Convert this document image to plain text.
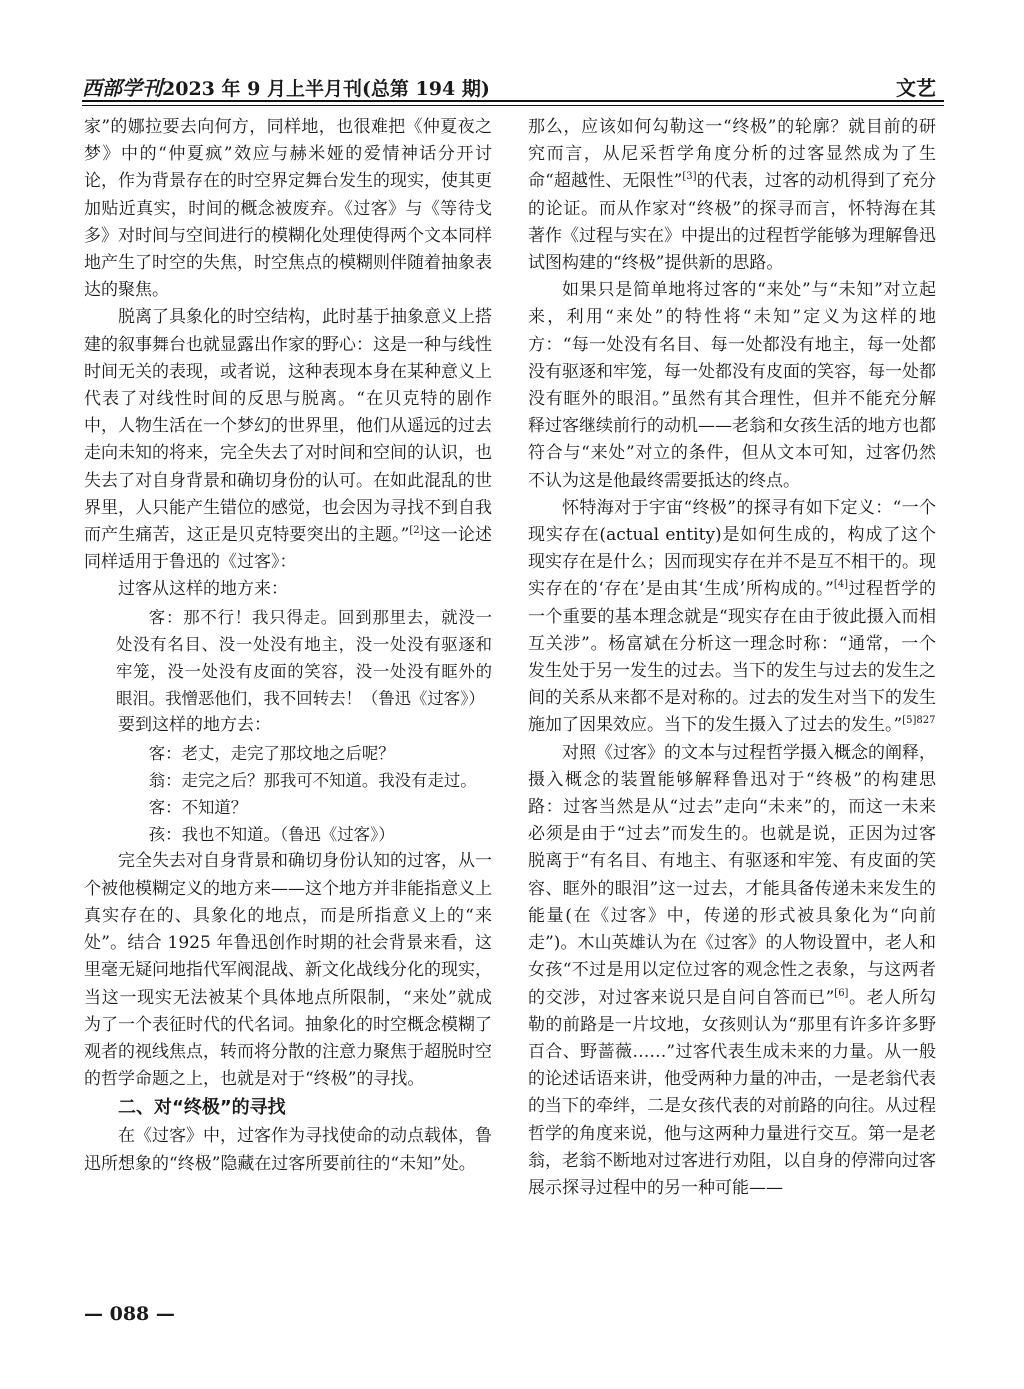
西部学刊2023 年 9 月上半月刊(总第 194 期)	文艺

家”的娜拉要去向何方，同样地，也很难把《仲夏夜之梦》中的“仲夏疯”效应与赫米娅的爱情神话分开讨论，作为背景存在的时空界定舞台发生的现实，使其更加贴近真实，时间的概念被废弃。《过客》与《等待戈多》对时间与空间进行的模糊化处理使得两个文本同样地产生了时空的失焦，时空焦点的模糊则伴随着抽象表达的聚焦。

脱离了具象化的时空结构，此时基于抽象意义上搭建的叙事舞台也就显露出作家的野心：这是一种与线性时间无关的表现，或者说，这种表现本身在某种意义上代表了对线性时间的反思与脱离。“在贝克特的剧作中，人物生活在一个梦幻的世界里，他们从遥远的过去走向未知的将来，完全失去了对时间和空间的认识，也失去了对自身背景和确切身份的认可。在如此混乱的世界里，人只能产生错位的感觉，也会因为寻找不到自我而产生痛苦，这正是贝克特要突出的主题。”[2]这一论述同样适用于鲁迅的《过客》：

过客从这样的地方来：

客：那不行！我只得走。回到那里去，就没一处没有名目、没一处没有地主，没一处没有驱逐和牢笼，没一处没有皮面的笑容，没一处没有眶外的眼泪。我憎恶他们，我不回转去！（鲁迅《过客》）

要到这样的地方去：

客：老丈，走完了那坟地之后呢？

翁：走完之后？那我可不知道。我没有走过。

客：不知道？

孩：我也不知道。（鲁迅《过客》）

完全失去对自身背景和确切身份认知的过客，从一个被他模糊定义的地方来——这个地方并非能指意义上真实存在的、具象化的地点，而是所指意义上的“来处”。结合 1925 年鲁迅创作时期的社会背景来看，这里毫无疑问地指代军阀混战、新文化战线分化的现实，当这一现实无法被某个具体地点所限制，“来处”就成为了一个表征时代的代名词。抽象化的时空概念模糊了观者的视线焦点，转而将分散的注意力聚焦于超脱时空的哲学命题之上，也就是对于“终极”的寻找。

二、对“终极”的寻找

在《过客》中，过客作为寻找使命的动点载体，鲁迅所想象的“终极”隐藏在过客所要前往的“未知”处。

那么，应该如何勾勒这一“终极”的轮廓？就目前的研究而言，从尼采哲学角度分析的过客显然成为了生命“超越性、无限性”[3]的代表，过客的动机得到了充分的论证。而从作家对“终极”的探寻而言，怀特海在其著作《过程与实在》中提出的过程哲学能够为理解鲁迅试图构建的“终极”提供新的思路。

如果只是简单地将过客的“来处”与“未知”对立起来，利用“来处”的特性将“未知”定义为这样的地方：“每一处没有名目、每一处都没有地主，每一处都没有驱逐和牢笼，每一处都没有皮面的笑容，每一处都没有眶外的眼泪。”虽然有其合理性，但并不能充分解释过客继续前行的动机——老翁和女孩生活的地方也都符合与“来处”对立的条件，但从文本可知，过客仍然不认为这是他最终需要抵达的终点。

怀特海对于宇宙“终极”的探寻有如下定义：“一个现实存在(actual entity)是如何生成的，构成了这个现实存在是什么；因而现实存在并不是互不相干的。现实存在的‘存在’是由其‘生成’所构成的。”[4]过程哲学的一个重要的基本理念就是“现实存在由于彼此摄入而相互关涉”。杨富斌在分析这一理念时称：“通常，一个发生处于另一发生的过去。当下的发生与过去的发生之间的关系从来都不是对称的。过去的发生对当下的发生施加了因果效应。当下的发生摄入了过去的发生。”$^{[5]827}$

对照《过客》的文本与过程哲学摄入概念的阐释，摄入概念的装置能够解释鲁迅对于“终极”的构建思路：过客当然是从“过去”走向“未来”的，而这一未来必须是由于“过去”而发生的。也就是说，正因为过客脱离于“有名目、有地主、有驱逐和牢笼、有皮面的笑容、眶外的眼泪”这一过去，才能具备传递未来发生的能量(在《过客》中，传递的形式被具象化为“向前走”)。木山英雄认为在《过客》的人物设置中，老人和女孩“不过是用以定位过客的观念性之表象，与这两者的交涉，对过客来说只是自问自答而已”[6]。老人所勾勒的前路是一片坟地，女孩则认为“那里有许多许多野百合、野蔷薇……”过客代表生成未来的力量。从一般的论述话语来讲，他受两种力量的冲击，一是老翁代表的当下的牵绊，二是女孩代表的对前路的向往。从过程哲学的角度来说，他与这两种力量进行交互。第一是老翁，老翁不断地对过客进行劝阻，以自身的停滞向过客展示探寻过程中的另一种可能——

— 088 —
